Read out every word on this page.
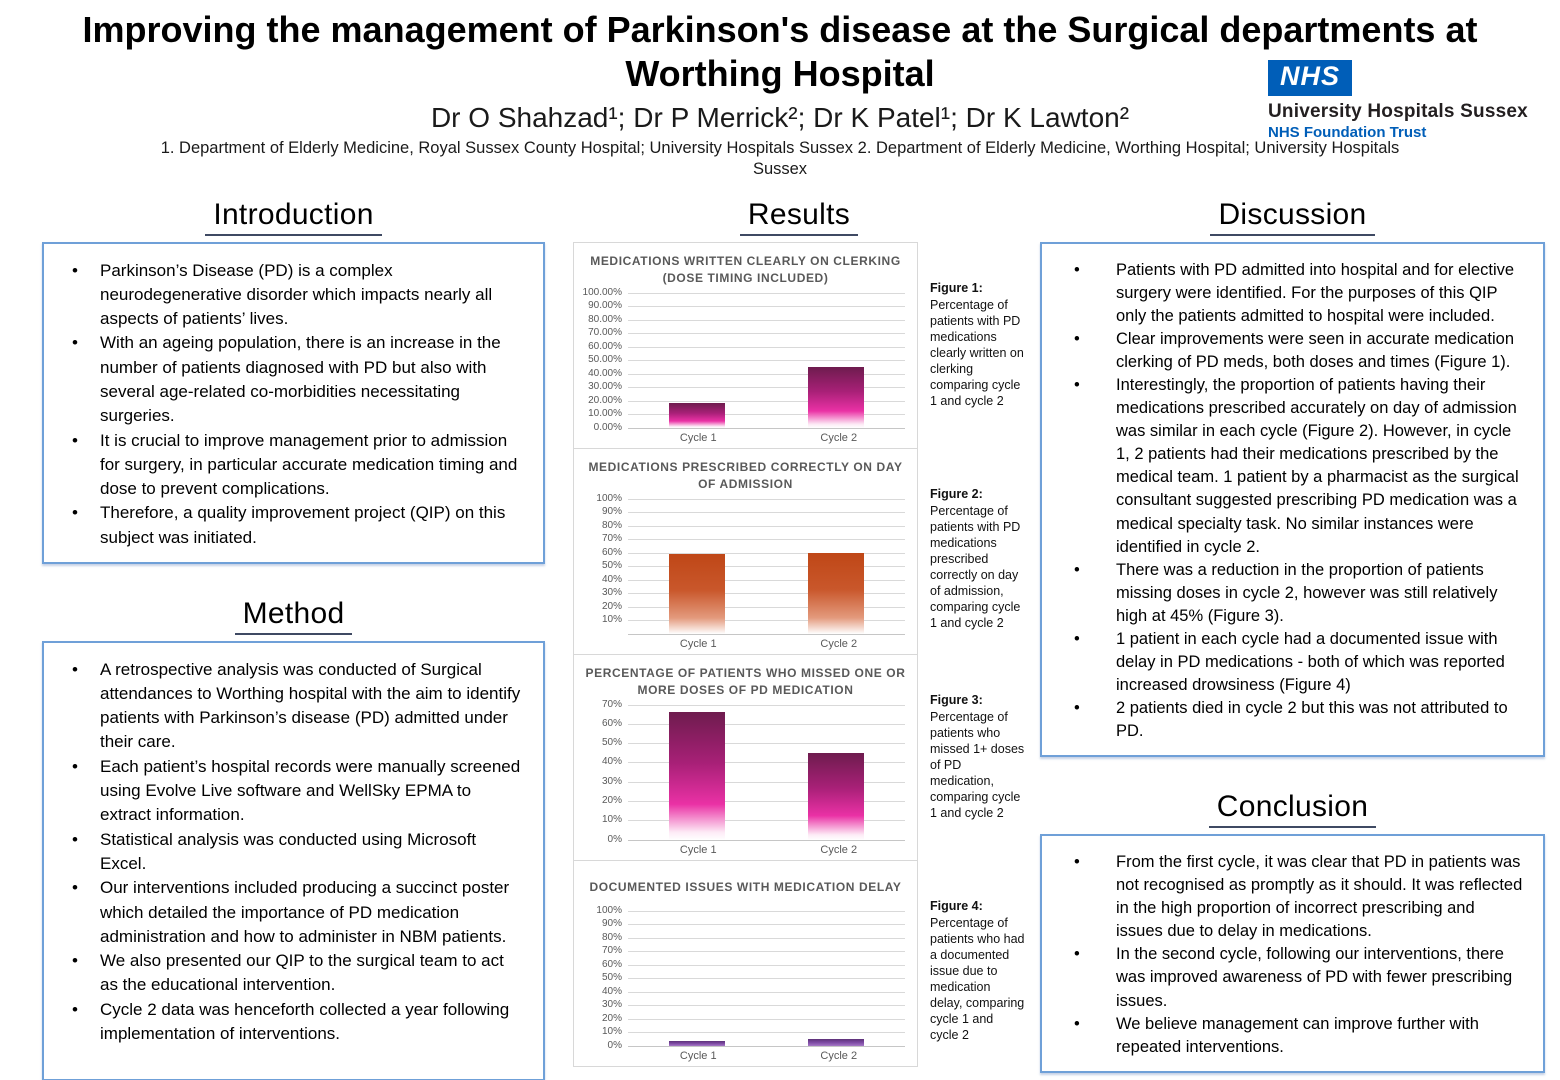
Improving the management of Parkinson's disease at the Surgical departments at Worthing Hospital
Dr O Shahzad¹; Dr P Merrick²; Dr K Patel¹; Dr K Lawton²
1. Department of Elderly Medicine, Royal Sussex County Hospital; University Hospitals Sussex 2. Department of Elderly Medicine, Worthing Hospital; University Hospitals Sussex
NHS
University Hospitals Sussex
NHS Foundation Trust
Introduction
• Parkinson’s Disease (PD) is a complex neurodegenerative disorder which impacts nearly all aspects of patients’ lives.
• With an ageing population, there is an increase in the number of patients diagnosed with PD but also with several age-related co-morbidities necessitating surgeries.
• It is crucial to improve management prior to admission for surgery, in particular accurate medication timing and dose to prevent complications.
• Therefore, a quality improvement project (QIP) on this subject was initiated.
Method
• A retrospective analysis was conducted of Surgical attendances to Worthing hospital with the aim to identify patients with Parkinson’s disease (PD) admitted under their care.
• Each patient’s hospital records were manually screened using Evolve Live software and WellSky EPMA to extract information.
• Statistical analysis was conducted using Microsoft Excel.
• Our interventions included producing a succinct poster which detailed the importance of PD medication administration and how to administer in NBM patients.
• We also presented our QIP to the surgical team to act as the educational intervention.
• Cycle 2 data was henceforth collected a year following implementation of interventions.
Results
MEDICATIONS WRITTEN CLEARLY ON CLERKING (DOSE TIMING INCLUDED)
100.00%
90.00%
80.00%
70.00%
60.00%
50.00%
40.00%
30.00%
20.00%
10.00%
0.00%
Cycle 1	Cycle 2
Figure 1:
Percentage of patients with PD medications clearly written on clerking comparing cycle 1 and cycle 2
MEDICATIONS PRESCRIBED CORRECTLY ON DAY OF ADMISSION
100%
90%
80%
70%
60%
50%
40%
30%
20%
10%
Cycle 1	Cycle 2
Figure 2:
Percentage of patients with PD medications prescribed correctly on day of admission, comparing cycle 1 and cycle 2
PERCENTAGE OF PATIENTS WHO MISSED ONE OR MORE DOSES OF PD MEDICATION
70%
60%
50%
40%
30%
20%
10%
0%
Cycle 1	Cycle 2
Figure 3:
Percentage of patients who missed 1+ doses of PD medication, comparing cycle 1 and cycle 2
DOCUMENTED ISSUES WITH MEDICATION DELAY
100%
90%
80%
70%
60%
50%
40%
30%
20%
10%
0%
Cycle 1	Cycle 2
Figure 4:
Percentage of patients who had a documented issue due to medication delay, comparing cycle 1 and cycle 2
Discussion
• Patients with PD admitted into hospital and for elective surgery were identified. For the purposes of this QIP only the patients admitted to hospital were included.
• Clear improvements were seen in accurate medication clerking of PD meds, both doses and times (Figure 1).
• Interestingly, the proportion of patients having their medications prescribed accurately on day of admission was similar in each cycle (Figure 2). However, in cycle 1, 2 patients had their medications prescribed by the medical team. 1 patient by a pharmacist as the surgical consultant suggested prescribing PD medication was a medical specialty task. No similar instances were identified in cycle 2.
• There was a reduction in the proportion of patients missing doses in cycle 2, however was still relatively high at 45% (Figure 3).
• 1 patient in each cycle had a documented issue with delay in PD medications - both of which was reported increased drowsiness (Figure 4)
• 2 patients died in cycle 2 but this was not attributed to PD.
Conclusion
• From the first cycle, it was clear that PD in patients was not recognised as promptly as it should. It was reflected in the high proportion of incorrect prescribing and issues due to delay in medications.
• In the second cycle, following our interventions, there was improved awareness of PD with fewer prescribing issues.
• We believe management can improve further with repeated interventions.
